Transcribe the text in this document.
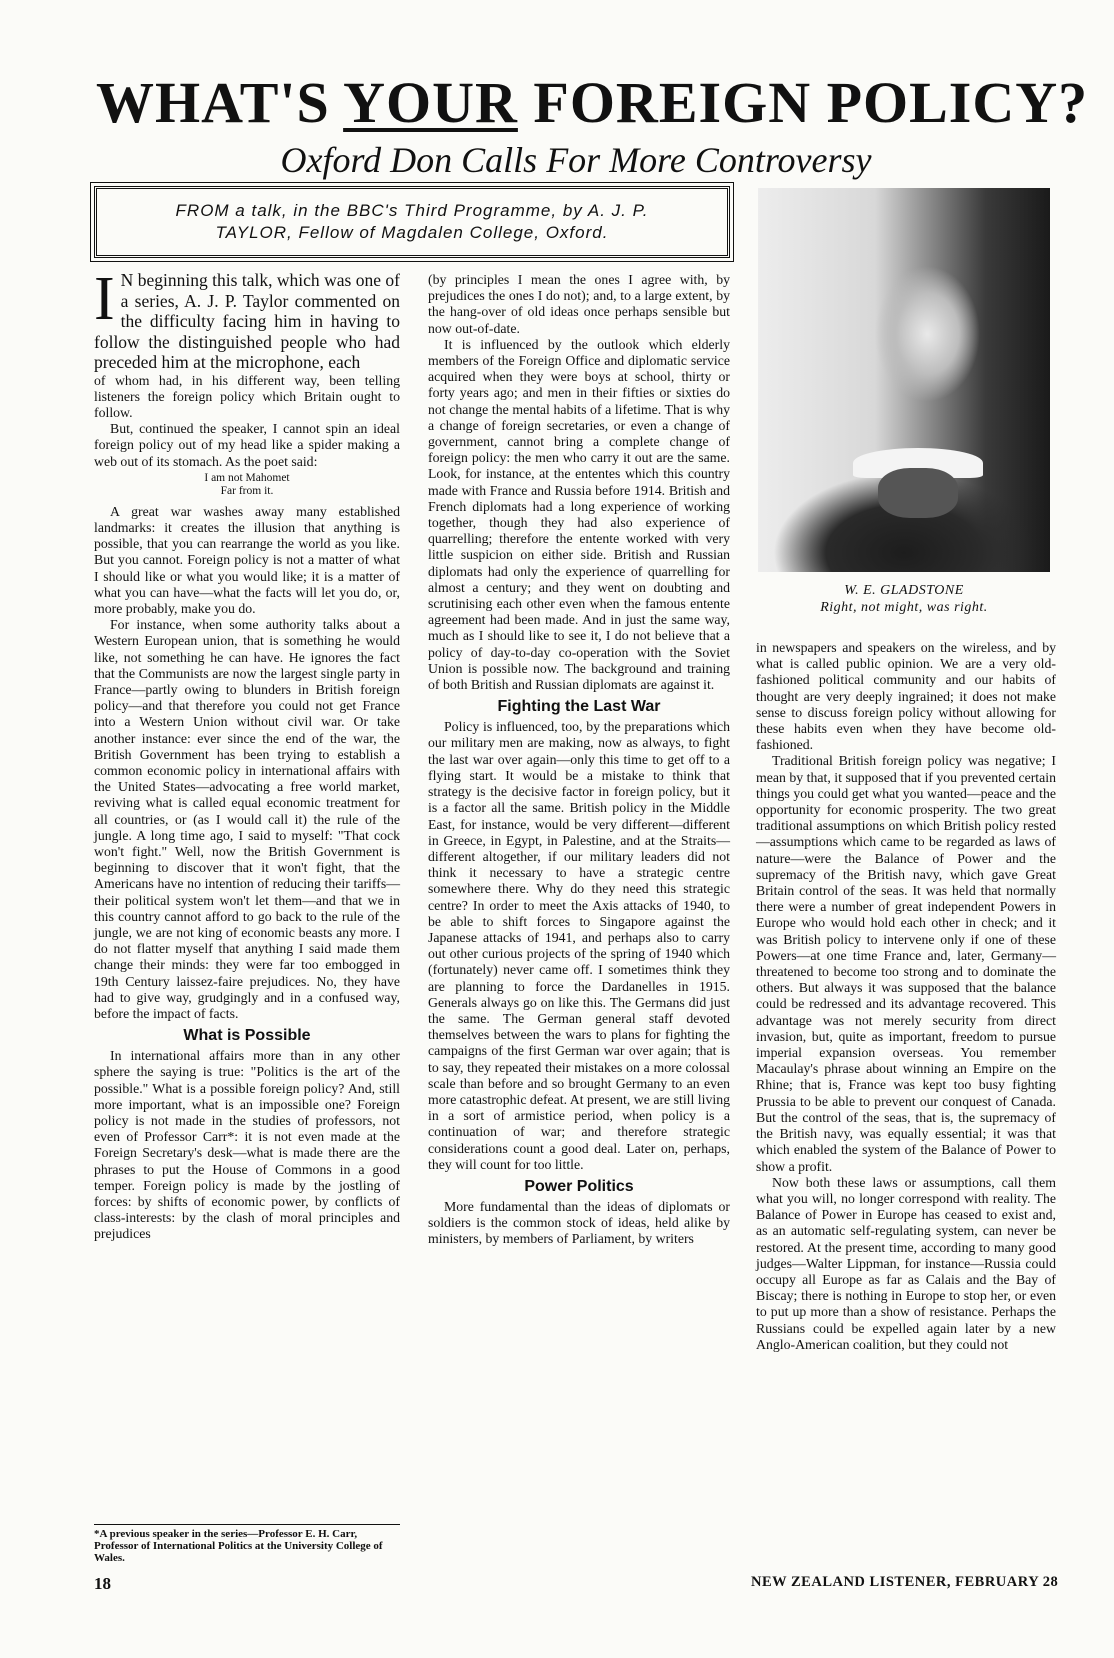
WHAT'S YOUR FOREIGN POLICY?
Oxford Don Calls For More Controversy

FROM a talk, in the BBC's Third Programme, by A. J. P. TAYLOR, Fellow of Magdalen College, Oxford.

W. E. GLADSTONE
Right, not might, was right.

I N beginning this talk, which was one of a series, A. J. P. Taylor commented on the difficulty facing him in having to follow the distinguished people who had preceded him at the microphone, each

of whom had, in his different way, been telling listeners the foreign policy which Britain ought to follow.

But, continued the speaker, I cannot spin an ideal foreign policy out of my head like a spider making a web out of its stomach. As the poet said:

I am not Mahomet
Far from it.

A great war washes away many established landmarks: it creates the illusion that anything is possible, that you can rearrange the world as you like. But you cannot. Foreign policy is not a matter of what I should like or what you would like; it is a matter of what you can have—what the facts will let you do, or, more probably, make you do.

For instance, when some authority talks about a Western European union, that is something he would like, not something he can have. He ignores the fact that the Communists are now the largest single party in France—partly owing to blunders in British foreign policy—and that therefore you could not get France into a Western Union without civil war. Or take another instance: ever since the end of the war, the British Government has been trying to establish a common economic policy in international affairs with the United States—advocating a free world market, reviving what is called equal economic treatment for all countries, or (as I would call it) the rule of the jungle. A long time ago, I said to myself: "That cock won't fight." Well, now the British Government is beginning to discover that it won't fight, that the Americans have no intention of reducing their tariffs—their political system won't let them—and that we in this country cannot afford to go back to the rule of the jungle, we are not king of economic beasts any more. I do not flatter myself that anything I said made them change their minds: they were far too embogged in 19th Century laissez-faire prejudices. No, they have had to give way, grudgingly and in a confused way, before the impact of facts.

What is Possible

In international affairs more than in any other sphere the saying is true: "Politics is the art of the possible." What is a possible foreign policy? And, still more important, what is an impossible one? Foreign policy is not made in the studies of professors, not even of Professor Carr*: it is not even made at the Foreign Secretary's desk—what is made there are the phrases to put the House of Commons in a good temper. Foreign policy is made by the jostling of forces: by shifts of economic power, by conflicts of class-interests: by the clash of moral principles and prejudices

(by principles I mean the ones I agree with, by prejudices the ones I do not); and, to a large extent, by the hang-over of old ideas once perhaps sensible but now out-of-date.

It is influenced by the outlook which elderly members of the Foreign Office and diplomatic service acquired when they were boys at school, thirty or forty years ago; and men in their fifties or sixties do not change the mental habits of a lifetime. That is why a change of foreign secretaries, or even a change of government, cannot bring a complete change of foreign policy: the men who carry it out are the same. Look, for instance, at the ententes which this country made with France and Russia before 1914. British and French diplomats had a long experience of working together, though they had also experience of quarrelling; therefore the entente worked with very little suspicion on either side. British and Russian diplomats had only the experience of quarrelling for almost a century; and they went on doubting and scrutinising each other even when the famous entente agreement had been made. And in just the same way, much as I should like to see it, I do not believe that a policy of day-to-day co-operation with the Soviet Union is possible now. The background and training of both British and Russian diplomats are against it.

Fighting the Last War

Policy is influenced, too, by the preparations which our military men are making, now as always, to fight the last war over again—only this time to get off to a flying start. It would be a mistake to think that strategy is the decisive factor in foreign policy, but it is a factor all the same. British policy in the Middle East, for instance, would be very different—different in Greece, in Egypt, in Palestine, and at the Straits—different altogether, if our military leaders did not think it necessary to have a strategic centre somewhere there. Why do they need this strategic centre? In order to meet the Axis attacks of 1940, to be able to shift forces to Singapore against the Japanese attacks of 1941, and perhaps also to carry out other curious projects of the spring of 1940 which (fortunately) never came off. I sometimes think they are planning to force the Dardanelles in 1915. Generals always go on like this. The Germans did just the same. The German general staff devoted themselves between the wars to plans for fighting the campaigns of the first German war over again; that is to say, they repeated their mistakes on a more colossal scale than before and so brought Germany to an even more catastrophic defeat. At present, we are still living in a sort of armistice period, when policy is a continuation of war; and therefore strategic considerations count a good deal. Later on, perhaps, they will count for too little.

Power Politics

More fundamental than the ideas of diplomats or soldiers is the common stock of ideas, held alike by ministers, by members of Parliament, by writers

in newspapers and speakers on the wireless, and by what is called public opinion. We are a very old-fashioned political community and our habits of thought are very deeply ingrained; it does not make sense to discuss foreign policy without allowing for these habits even when they have become old-fashioned.

Traditional British foreign policy was negative; I mean by that, it supposed that if you prevented certain things you could get what you wanted—peace and the opportunity for economic prosperity. The two great traditional assumptions on which British policy rested—assumptions which came to be regarded as laws of nature—were the Balance of Power and the supremacy of the British navy, which gave Great Britain control of the seas. It was held that normally there were a number of great independent Powers in Europe who would hold each other in check; and it was British policy to intervene only if one of these Powers—at one time France and, later, Germany—threatened to become too strong and to dominate the others. But always it was supposed that the balance could be redressed and its advantage recovered. This advantage was not merely security from direct invasion, but, quite as important, freedom to pursue imperial expansion overseas. You remember Macaulay's phrase about winning an Empire on the Rhine; that is, France was kept too busy fighting Prussia to be able to prevent our conquest of Canada. But the control of the seas, that is, the supremacy of the British navy, was equally essential; it was that which enabled the system of the Balance of Power to show a profit.

Now both these laws or assumptions, call them what you will, no longer correspond with reality. The Balance of Power in Europe has ceased to exist and, as an automatic self-regulating system, can never be restored. At the present time, according to many good judges—Walter Lippman, for instance—Russia could occupy all Europe as far as Calais and the Bay of Biscay; there is nothing in Europe to stop her, or even to put up more than a show of resistance. Perhaps the Russians could be expelled again later by a new Anglo-American coalition, but they could not

*A previous speaker in the series—Professor E. H. Carr, Professor of International Politics at the University College of Wales.
18	NEW ZEALAND LISTENER, FEBRUARY 28
